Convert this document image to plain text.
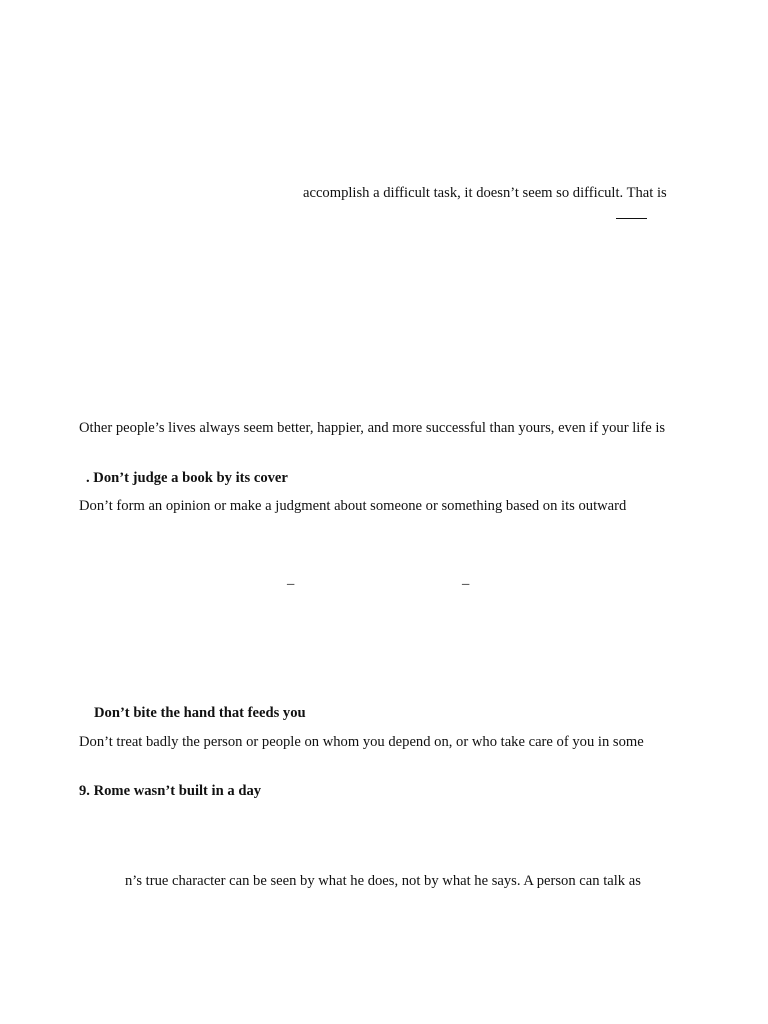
accomplish a difficult task, it doesn’t seem so difficult. That is
Other people’s lives always seem better, happier, and more successful than yours, even if your life is
. Don’t judge a book by its cover
Don’t form an opinion or make a judgment about someone or something based on its outward
–	–
Don’t bite the hand that feeds you
Don’t treat badly the person or people on whom you depend on, or who take care of you in some
9. Rome wasn’t built in a day
n’s true character can be seen by what he does, not by what he says. A person can talk as
